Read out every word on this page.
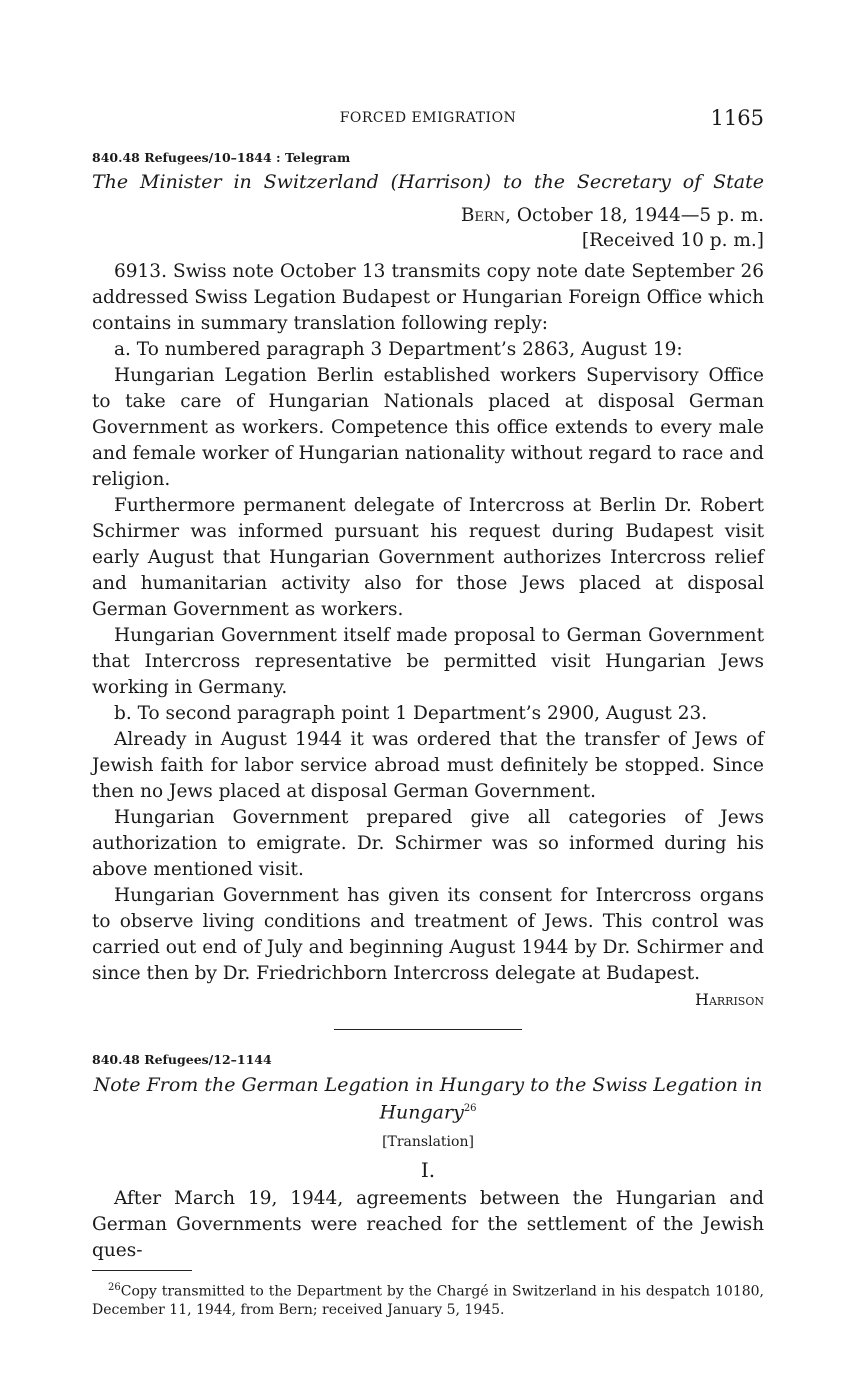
FORCED EMIGRATION	1165
840.48 Refugees/10–1844 : Telegram
The Minister in Switzerland (Harrison) to the Secretary of State
Bern, October 18, 1944—5 p. m.
[Received 10 p. m.]

6913. Swiss note October 13 transmits copy note date September 26 addressed Swiss Legation Budapest or Hungarian Foreign Office which contains in summary translation following reply:

a. To numbered paragraph 3 Department’s 2863, August 19:

Hungarian Legation Berlin established workers Supervisory Office to take care of Hungarian Nationals placed at disposal German Government as workers. Competence this office extends to every male and female worker of Hungarian nationality without regard to race and religion.

Furthermore permanent delegate of Intercross at Berlin Dr. Robert Schirmer was informed pursuant his request during Budapest visit early August that Hungarian Government authorizes Intercross relief and humanitarian activity also for those Jews placed at disposal German Government as workers.

Hungarian Government itself made proposal to German Government that Intercross representative be permitted visit Hungarian Jews working in Germany.

b. To second paragraph point 1 Department’s 2900, August 23.

Already in August 1944 it was ordered that the transfer of Jews of Jewish faith for labor service abroad must definitely be stopped. Since then no Jews placed at disposal German Government.

Hungarian Government prepared give all categories of Jews authorization to emigrate. Dr. Schirmer was so informed during his above mentioned visit.

Hungarian Government has given its consent for Intercross organs to observe living conditions and treatment of Jews. This control was carried out end of July and beginning August 1944 by Dr. Schirmer and since then by Dr. Friedrichborn Intercross delegate at Budapest.

Harrison
840.48 Refugees/12–1144
Note From the German Legation in Hungary to the Swiss Legation in Hungary$^{26}$
[Translation]
I.

After March 19, 1944, agreements between the Hungarian and German Governments were reached for the settlement of the Jewish ques-

$^{26}$Copy transmitted to the Department by the Chargé in Switzerland in his despatch 10180, December 11, 1944, from Bern; received January 5, 1945.
